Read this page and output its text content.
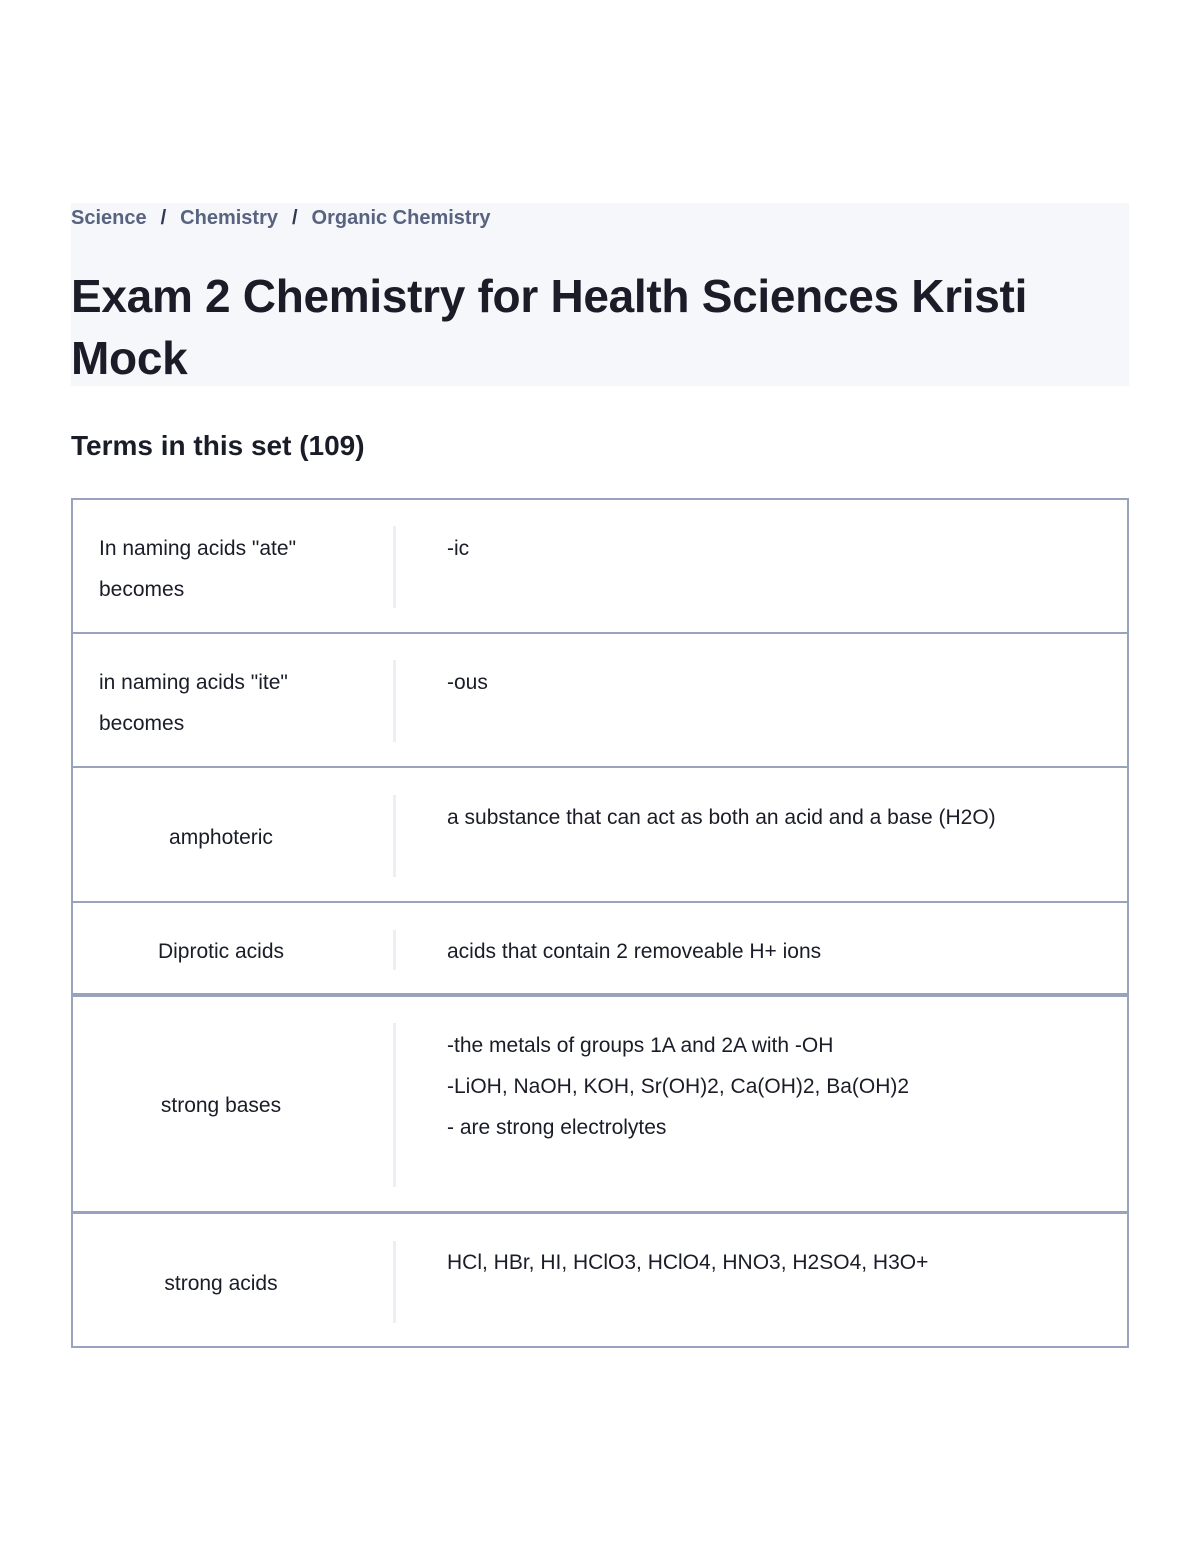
Science / Chemistry / Organic Chemistry
Exam 2 Chemistry for Health Sciences Kristi Mock
Terms in this set (109)
In naming acids "ate" becomes
-ic
in naming acids "ite" becomes
-ous
amphoteric
a substance that can act as both an acid and a base (H2O)
Diprotic acids	acids that contain 2 removeable H+ ions
strong bases
-the metals of groups 1A and 2A with -OH
-LiOH, NaOH, KOH, Sr(OH)2, Ca(OH)2, Ba(OH)2
- are strong electrolytes
strong acids
HCl, HBr, HI, HClO3, HClO4, HNO3, H2SO4, H3O+
